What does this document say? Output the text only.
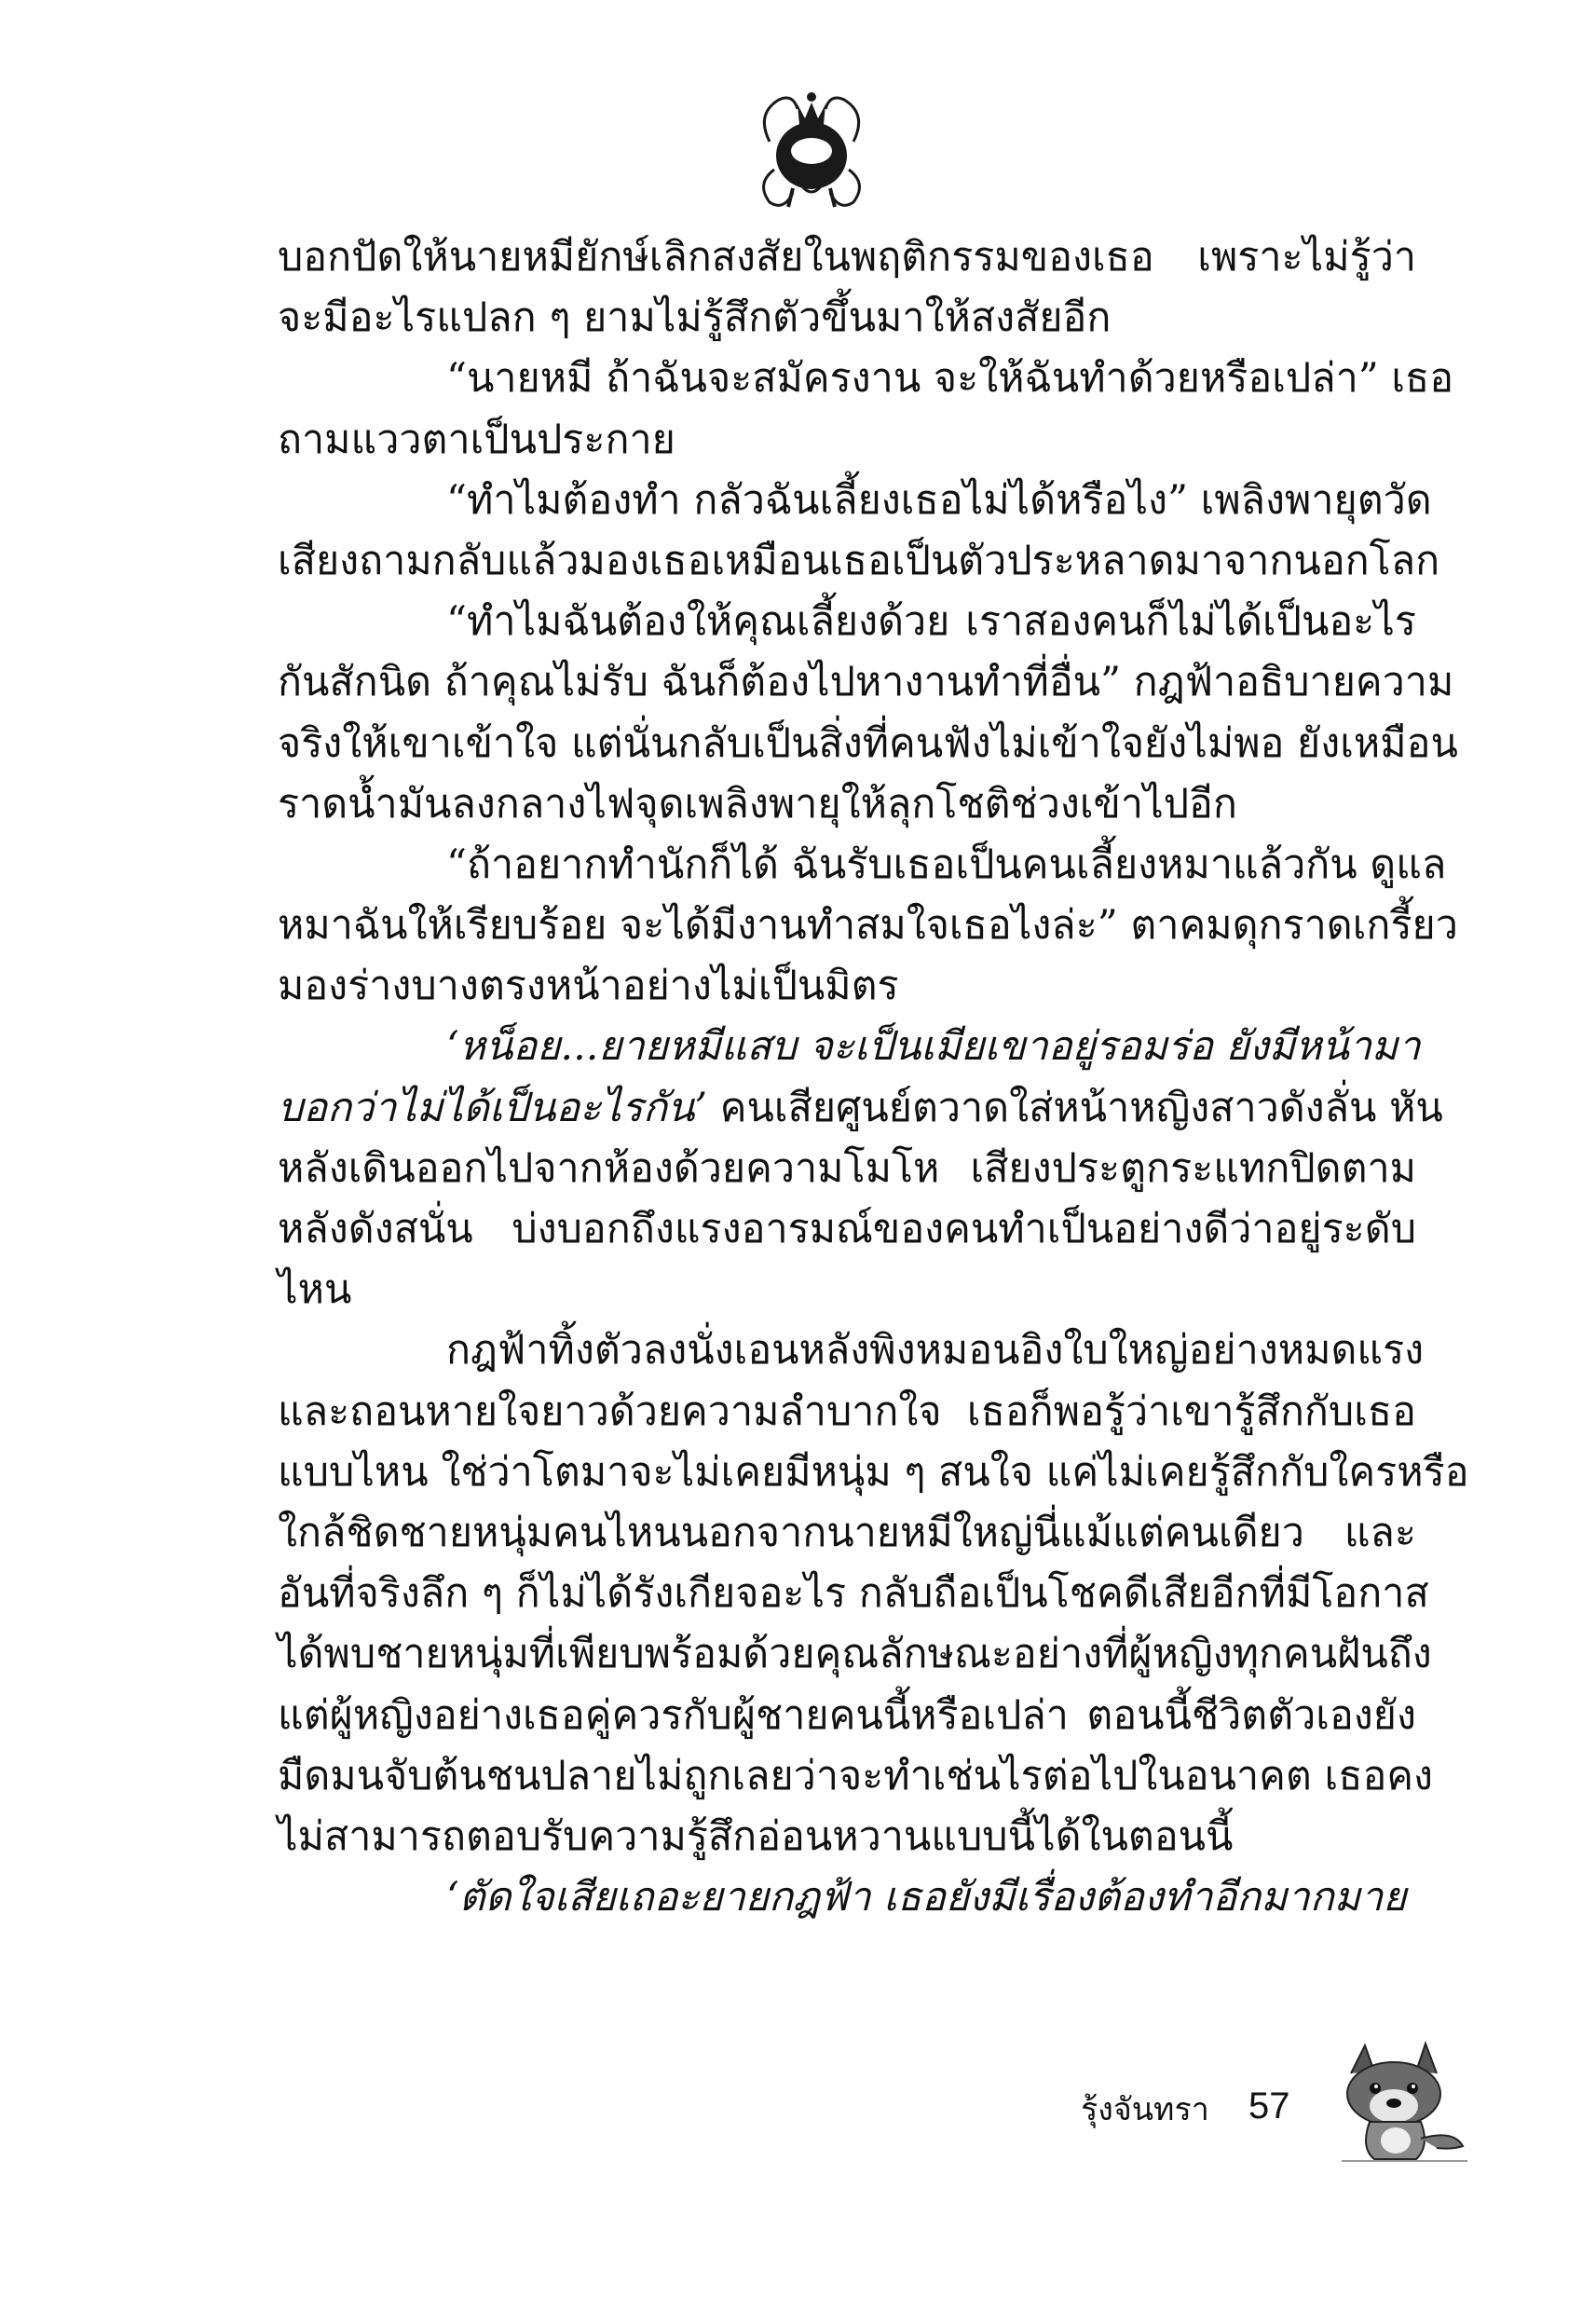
บอกปัดให้นายหมียักษ์เลิกสงสัยในพฤติกรรมของเธอ เพราะไม่รู้ว่า
จะมีอะไรแปลก ๆ ยามไม่รู้สึกตัวขึ้นมาให้สงสัยอีก
“นายหมี ถ้าฉันจะสมัครงาน จะให้ฉันทำด้วยหรือเปล่า” เธอ
ถามแววตาเป็นประกาย
“ทำไมต้องทำ กลัวฉันเลี้ยงเธอไม่ได้หรือไง” เพลิงพายุตวัด
เสียงถามกลับแล้วมองเธอเหมือนเธอเป็นตัวประหลาดมาจากนอกโลก
“ทำไมฉันต้องให้คุณเลี้ยงด้วย เราสองคนก็ไม่ได้เป็นอะไร
กันสักนิด ถ้าคุณไม่รับ ฉันก็ต้องไปหางานทำที่อื่น” กฎฟ้าอธิบายความ
จริงให้เขาเข้าใจ แต่นั่นกลับเป็นสิ่งที่คนฟังไม่เข้าใจยังไม่พอ ยังเหมือน
ราดน้ำมันลงกลางไฟจุดเพลิงพายุให้ลุกโชติช่วงเข้าไปอีก
“ถ้าอยากทำนักก็ได้ ฉันรับเธอเป็นคนเลี้ยงหมาแล้วกัน ดูแล
หมาฉันให้เรียบร้อย จะได้มีงานทำสมใจเธอไงล่ะ” ตาคมดุกราดเกรี้ยว
มองร่างบางตรงหน้าอย่างไม่เป็นมิตร
‘หน็อย...ยายหมีแสบ จะเป็นเมียเขาอยู่รอมร่อ ยังมีหน้ามา
บอกว่าไม่ได้เป็นอะไรกัน’ คนเสียศูนย์ตวาดใส่หน้าหญิงสาวดังลั่น หัน
หลังเดินออกไปจากห้องด้วยความโมโห เสียงประตูกระแทกปิดตาม
หลังดังสนั่น บ่งบอกถึงแรงอารมณ์ของคนทำเป็นอย่างดีว่าอยู่ระดับ
ไหน
กฎฟ้าทิ้งตัวลงนั่งเอนหลังพิงหมอนอิงใบใหญ่อย่างหมดแรง
และถอนหายใจยาวด้วยความลำบากใจ เธอก็พอรู้ว่าเขารู้สึกกับเธอ
แบบไหน ใช่ว่าโตมาจะไม่เคยมีหนุ่ม ๆ สนใจ แค่ไม่เคยรู้สึกกับใครหรือ
ใกล้ชิดชายหนุ่มคนไหนนอกจากนายหมีใหญ่นี่แม้แต่คนเดียว และ
อันที่จริงลึก ๆ ก็ไม่ได้รังเกียจอะไร กลับถือเป็นโชคดีเสียอีกที่มีโอกาส
ได้พบชายหนุ่มที่เพียบพร้อมด้วยคุณลักษณะอย่างที่ผู้หญิงทุกคนฝันถึง
แต่ผู้หญิงอย่างเธอคู่ควรกับผู้ชายคนนี้หรือเปล่า ตอนนี้ชีวิตตัวเองยัง
มืดมนจับต้นชนปลายไม่ถูกเลยว่าจะทำเช่นไรต่อไปในอนาคต เธอคง
ไม่สามารถตอบรับความรู้สึกอ่อนหวานแบบนี้ได้ในตอนนี้
‘ตัดใจเสียเถอะยายกฎฟ้า เธอยังมีเรื่องต้องทำอีกมากมาย
รุ้งจันทรา 57
